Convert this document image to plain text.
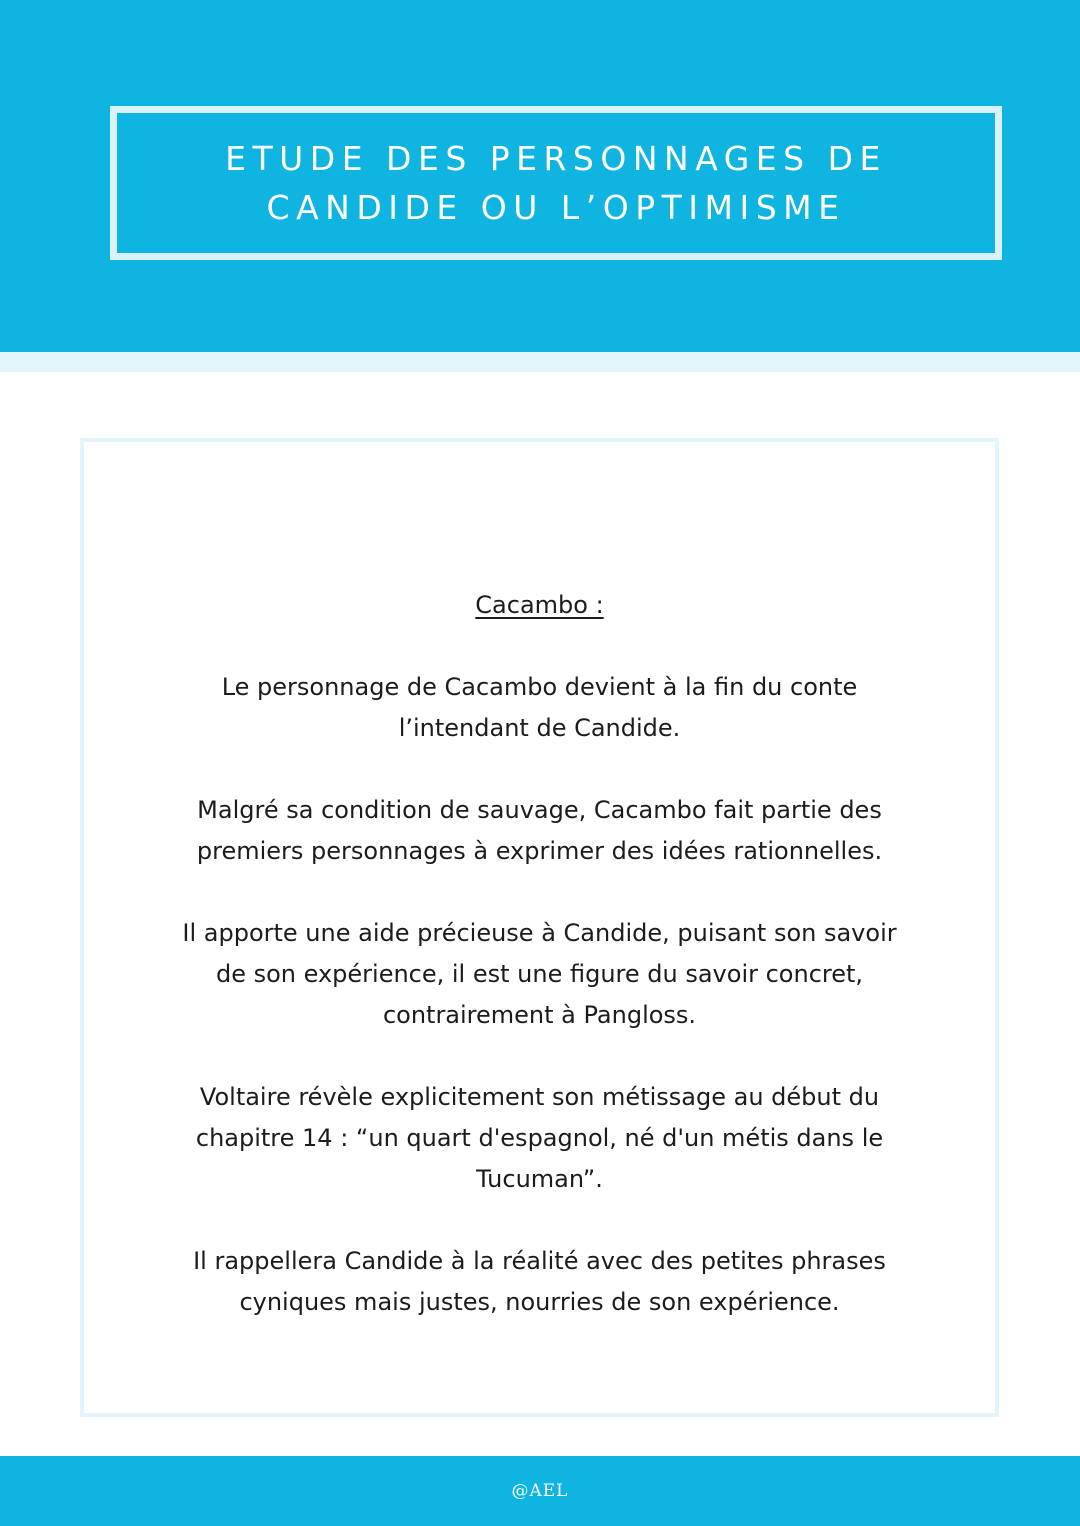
ETUDE DES PERSONNAGES DE
CANDIDE OU L’OPTIMISME
Cacambo :

Le personnage de Cacambo devient à la fin du conte l’intendant de Candide.

Malgré sa condition de sauvage, Cacambo fait partie des premiers personnages à exprimer des idées rationnelles.

Il apporte une aide précieuse à Candide, puisant son savoir de son expérience, il est une figure du savoir concret, contrairement à Pangloss.

Voltaire révèle explicitement son métissage au début du chapitre 14 : “un quart d'espagnol, né d'un métis dans le Tucuman”.

Il rappellera Candide à la réalité avec des petites phrases cyniques mais justes, nourries de son expérience.

@AEL
